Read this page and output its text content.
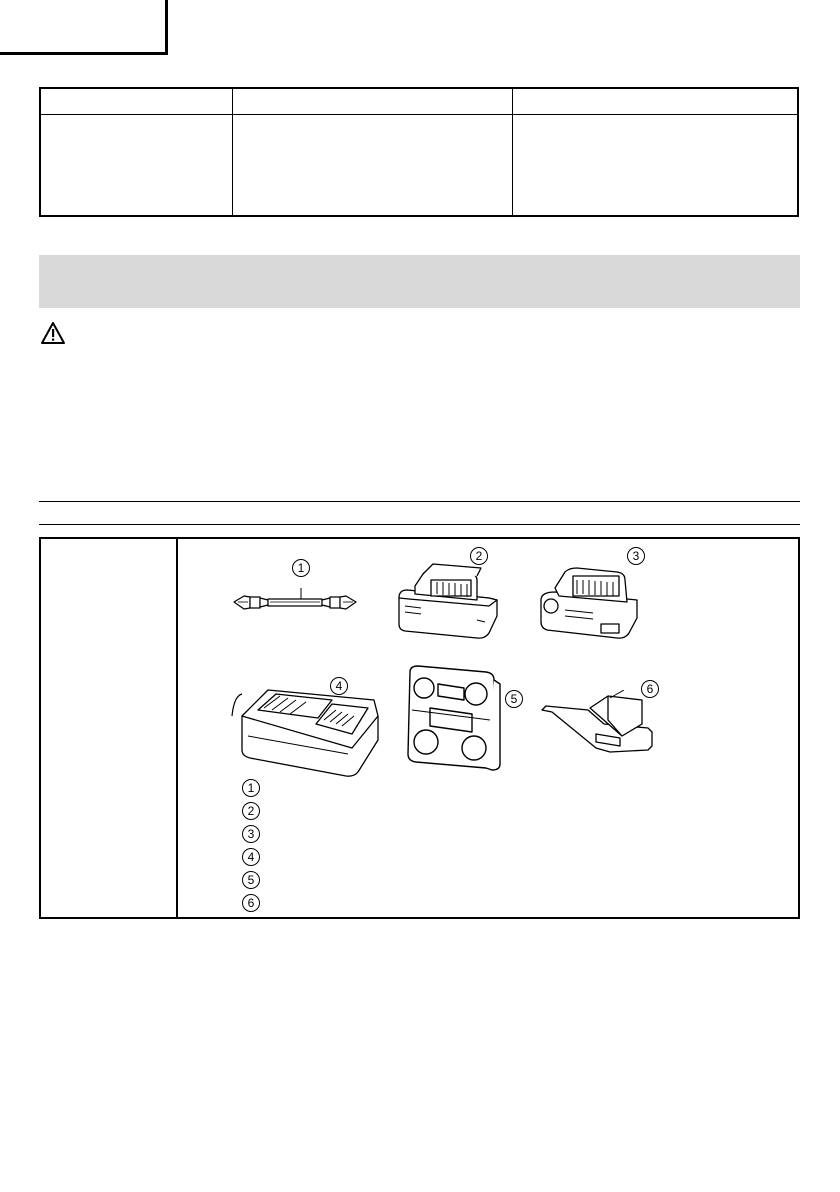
1
2	3
4
5
6
1
2
3
4
5
6
